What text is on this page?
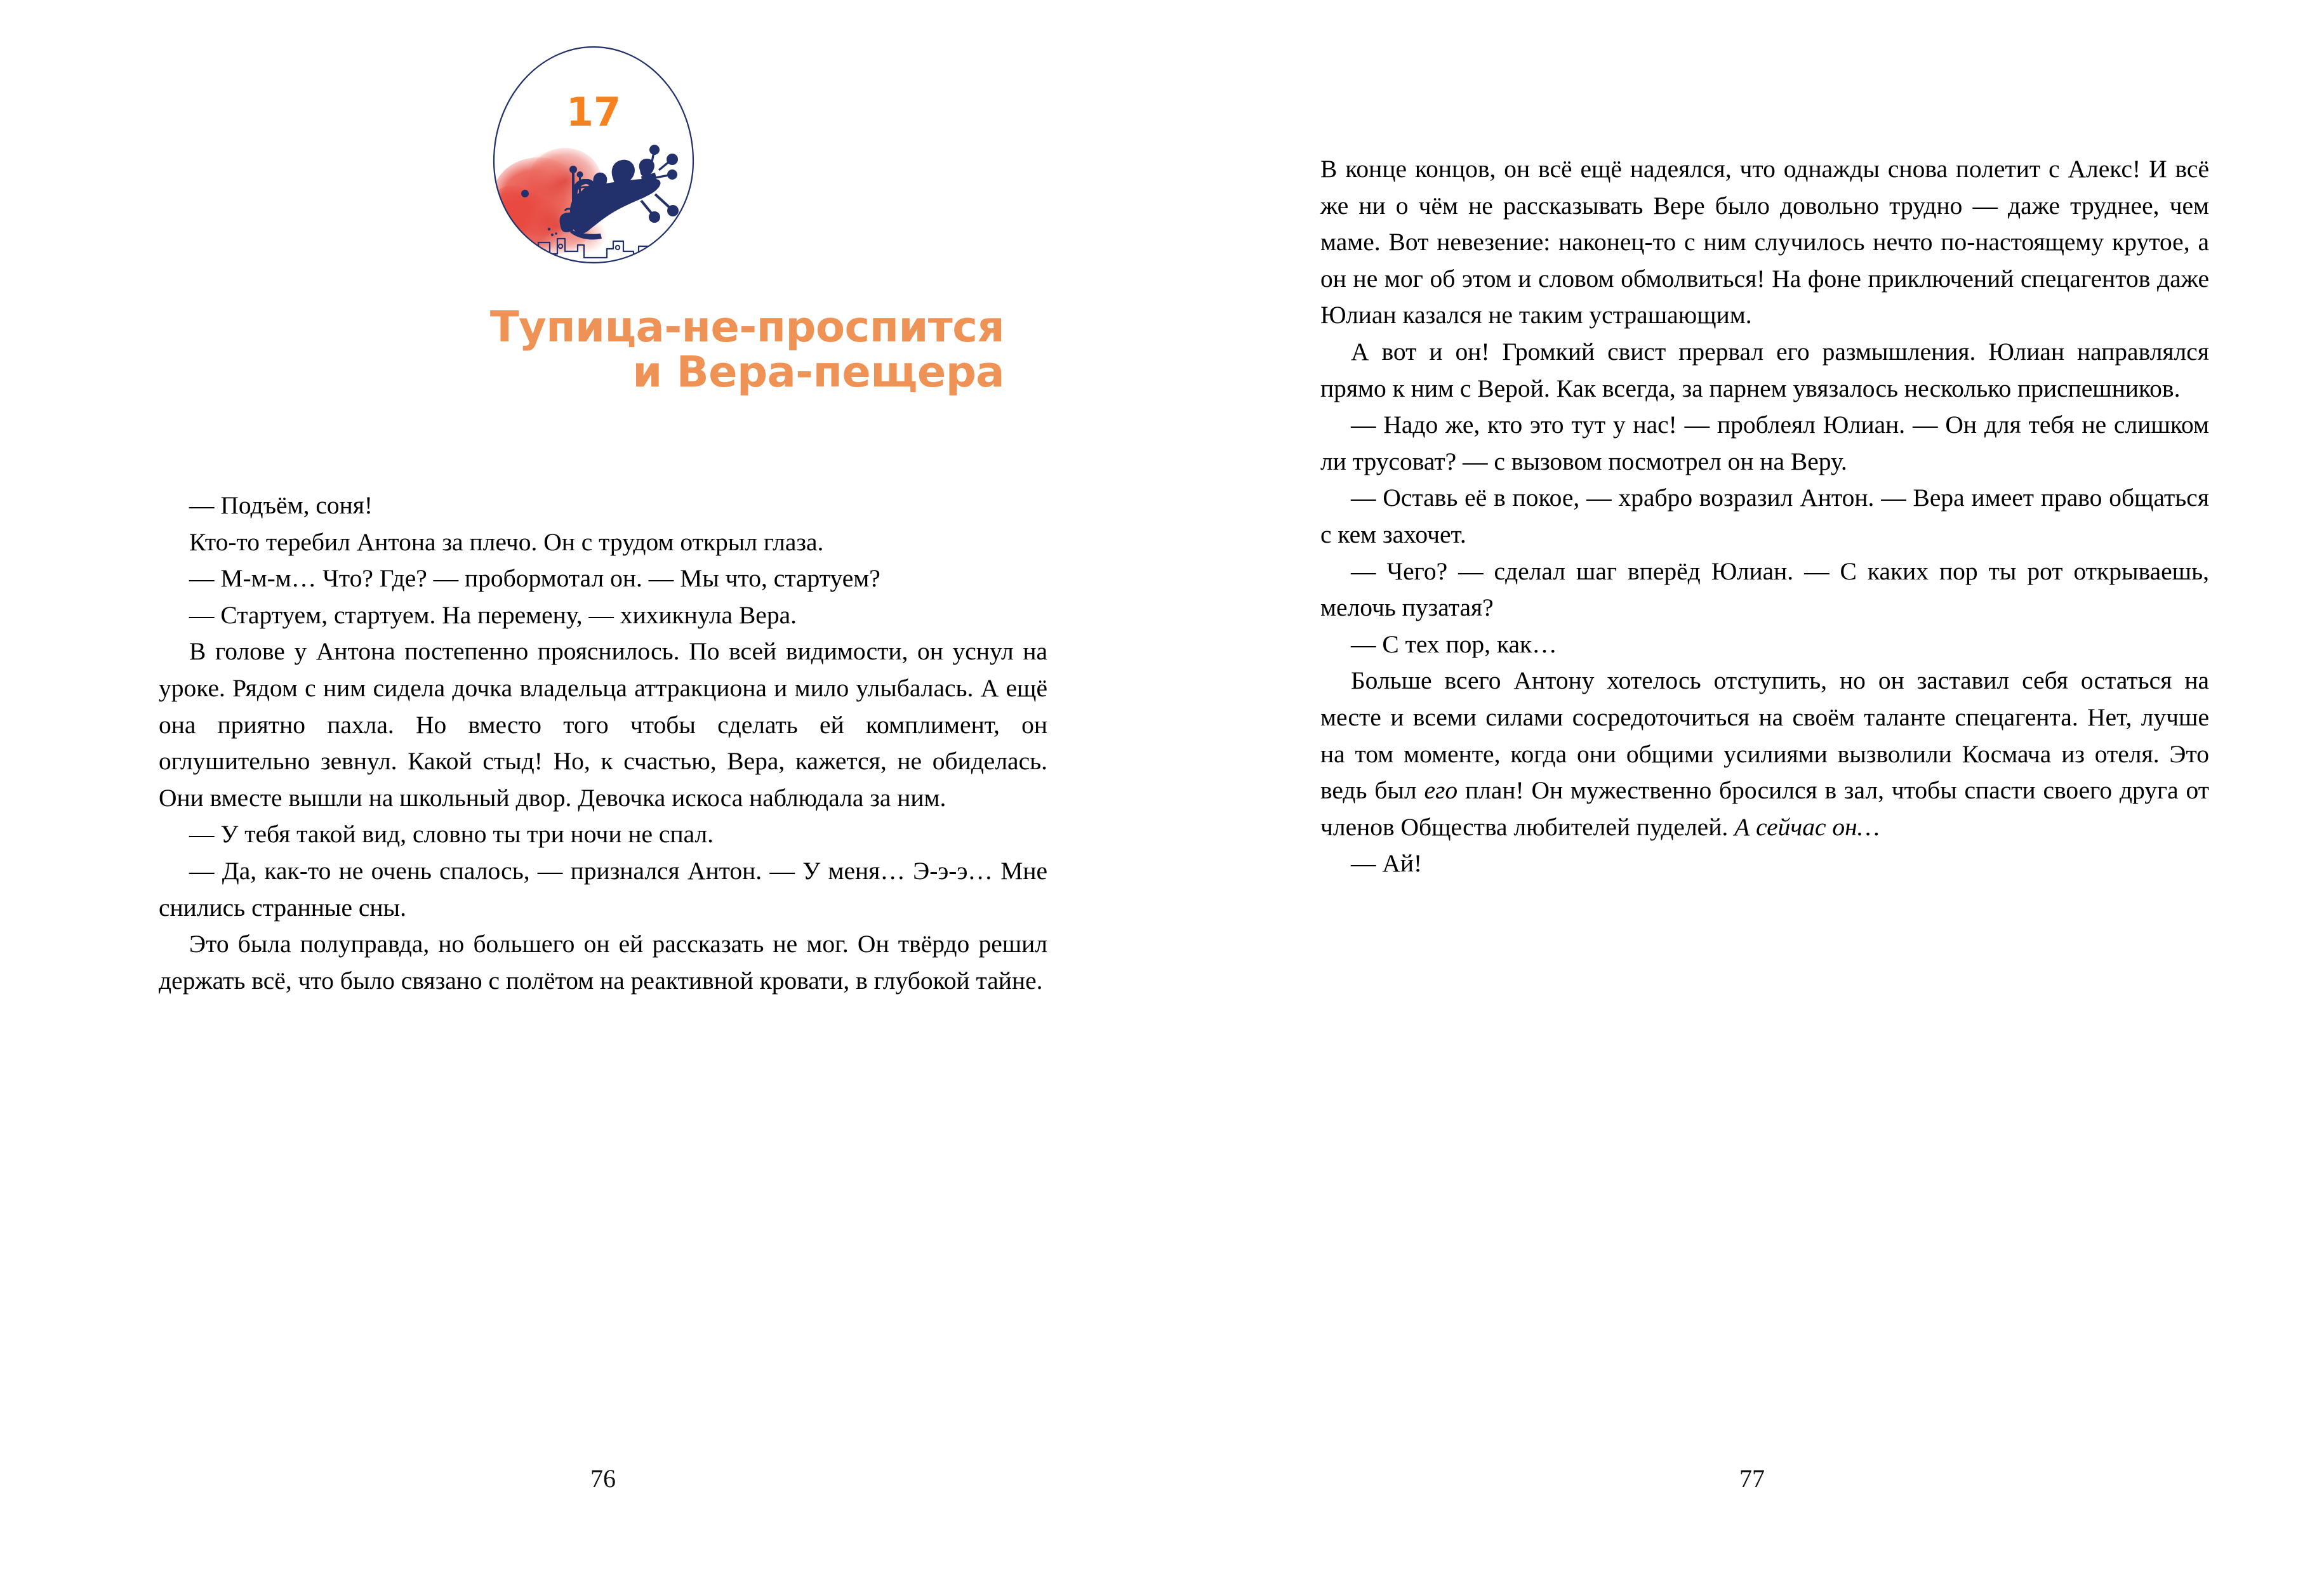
17
Тупица-не-проспится
и Вера-пещера

— Подъём, соня!

Кто-то теребил Антона за плечо. Он с трудом открыл глаза.

— М-м-м… Что? Где? — пробормотал он. — Мы что, стартуем?

— Стартуем, стартуем. На перемену, — хихикнула Вера.

В голове у Антона постепенно прояснилось. По всей видимости, он уснул на уроке. Рядом с ним сидела дочка владельца аттракциона и мило улыбалась. А ещё она приятно пахла. Но вместо того чтобы сделать ей комплимент, он оглушительно зевнул. Какой стыд! Но, к счастью, Вера, кажется, не обиделась. Они вместе вышли на школьный двор. Девочка искоса наблюдала за ним.

— У тебя такой вид, словно ты три ночи не спал.

— Да, как-то не очень спалось, — признался Антон. — У меня… Э-э-э… Мне снились странные сны.

Это была полуправда, но большего он ей рассказать не мог. Он твёрдо решил держать всё, что было связано с полётом на реактивной кровати, в глубокой тайне.

76

В конце концов, он всё ещё надеялся, что однажды снова полетит с Алекс! И всё же ни о чём не рассказывать Вере было довольно трудно — даже труднее, чем маме. Вот невезение: наконец-то с ним случилось нечто по-настоящему крутое, а он не мог об этом и словом обмолвиться! На фоне приключений спецагентов даже Юлиан казался не таким устрашающим.

А вот и он! Громкий свист прервал его размышления. Юлиан направлялся прямо к ним с Верой. Как всегда, за парнем увязалось несколько приспешников.

— Надо же, кто это тут у нас! — проблеял Юлиан. — Он для тебя не слишком ли трусоват? — с вызовом посмотрел он на Веру.

— Оставь её в покое, — храбро возразил Антон. — Вера имеет право общаться с кем захочет.

— Чего? — сделал шаг вперёд Юлиан. — С каких пор ты рот открываешь, мелочь пузатая?

— С тех пор, как…

Больше всего Антону хотелось отступить, но он заставил себя остаться на месте и всеми силами сосредоточиться на своём таланте спецагента. Нет, лучше на том моменте, когда они общими усилиями вызволили Космача из отеля. Это ведь был его план! Он мужественно бросился в зал, чтобы спасти своего друга от членов Общества любителей пуделей. А сейчас он…

— Ай!

77
